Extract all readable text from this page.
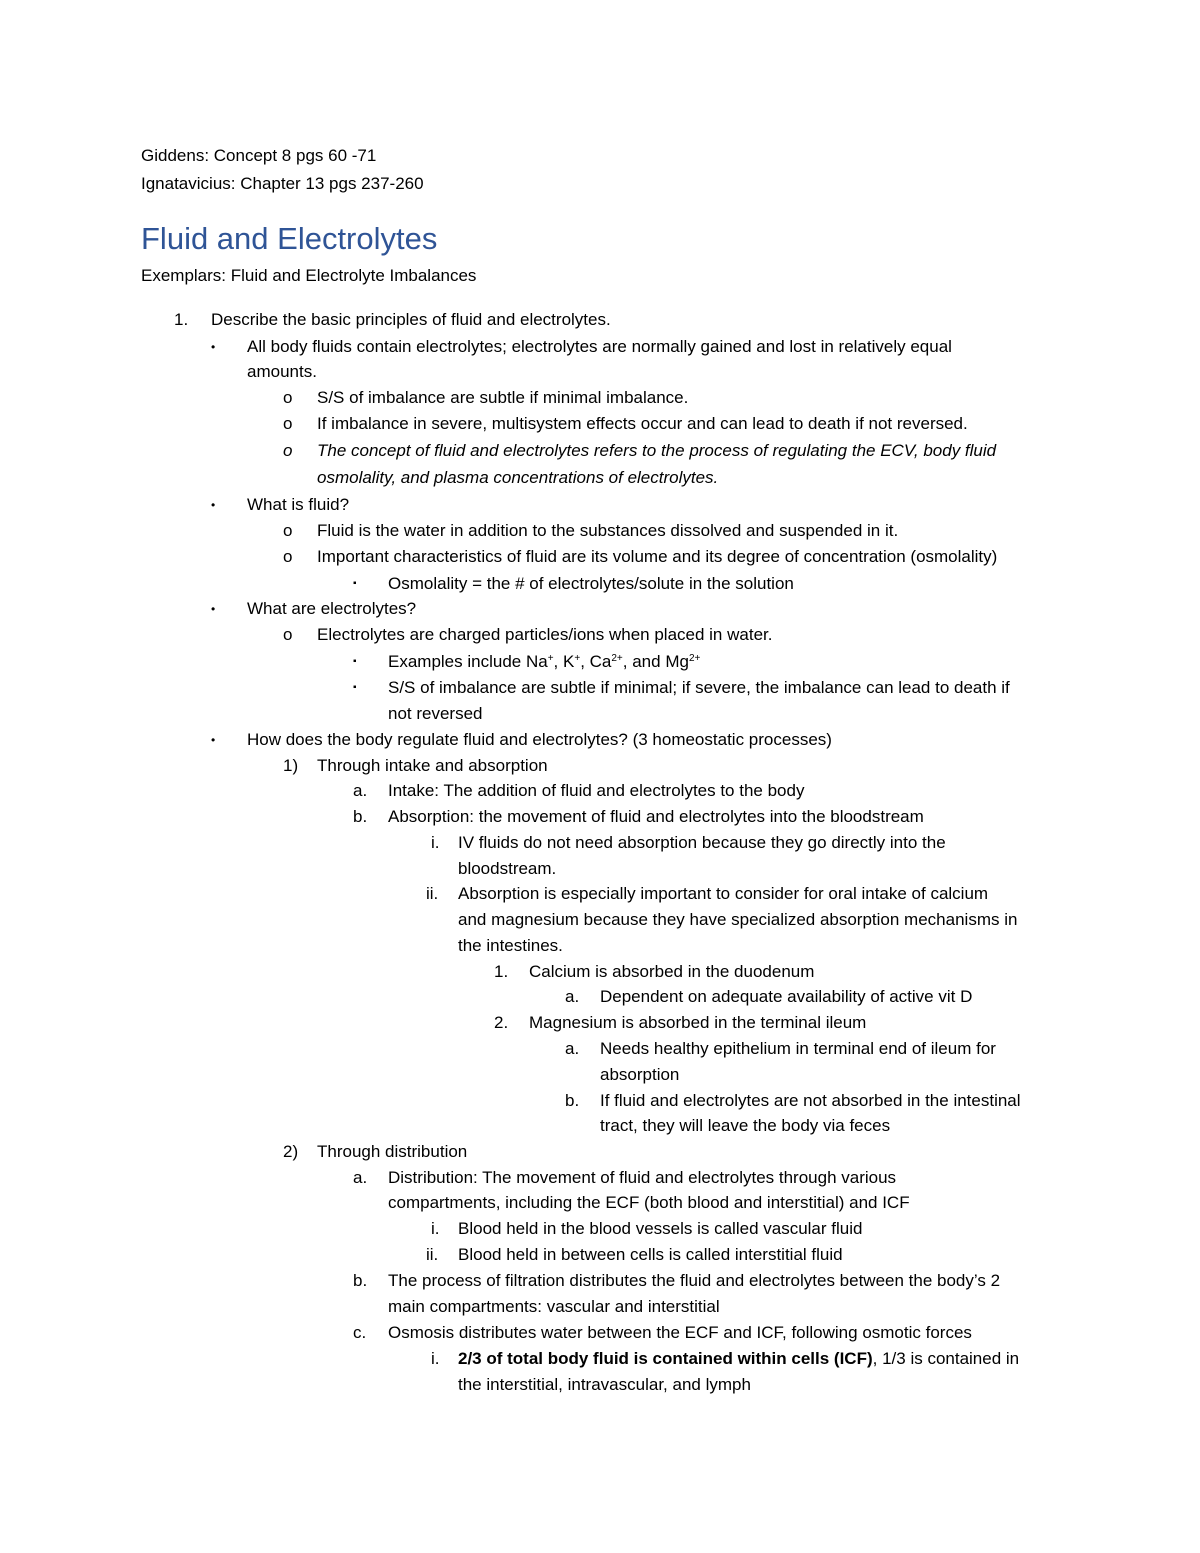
Giddens: Concept 8 pgs 60 -71
Ignatavicius: Chapter 13 pgs 237-260
Fluid and Electrolytes
Exemplars: Fluid and Electrolyte Imbalances
1. Describe the basic principles of fluid and electrolytes.
• All body fluids contain electrolytes; electrolytes are normally gained and lost in relatively equal
amounts.
o S/S of imbalance are subtle if minimal imbalance.
o If imbalance in severe, multisystem effects occur and can lead to death if not reversed.
o The concept of fluid and electrolytes refers to the process of regulating the ECV, body fluid
osmolality, and plasma concentrations of electrolytes.
• What is fluid?
o Fluid is the water in addition to the substances dissolved and suspended in it.
o Important characteristics of fluid are its volume and its degree of concentration (osmolality)
▪ Osmolality = the # of electrolytes/solute in the solution
• What are electrolytes?
o Electrolytes are charged particles/ions when placed in water.
▪ Examples include Na+, K+, $Ca^{2+}$, and $Mg^{2+}$
▪ S/S of imbalance are subtle if minimal; if severe, the imbalance can lead to death if
not reversed
• How does the body regulate fluid and electrolytes? (3 homeostatic processes)
1) Through intake and absorption
a. Intake: The addition of fluid and electrolytes to the body
b. Absorption: the movement of fluid and electrolytes into the bloodstream
i. IV fluids do not need absorption because they go directly into the
bloodstream.
ii. Absorption is especially important to consider for oral intake of calcium
and magnesium because they have specialized absorption mechanisms in
the intestines.
1. Calcium is absorbed in the duodenum
a. Dependent on adequate availability of active vit D
2. Magnesium is absorbed in the terminal ileum
a. Needs healthy epithelium in terminal end of ileum for
absorption
b. If fluid and electrolytes are not absorbed in the intestinal
tract, they will leave the body via feces
2) Through distribution
a. Distribution: The movement of fluid and electrolytes through various
compartments, including the ECF (both blood and interstitial) and ICF
i. Blood held in the blood vessels is called vascular fluid
ii. Blood held in between cells is called interstitial fluid
b. The process of filtration distributes the fluid and electrolytes between the body’s 2
main compartments: vascular and interstitial
c. Osmosis distributes water between the ECF and ICF, following osmotic forces
i. 2/3 of total body fluid is contained within cells (ICF), 1/3 is contained in
the interstitial, intravascular, and lymph
